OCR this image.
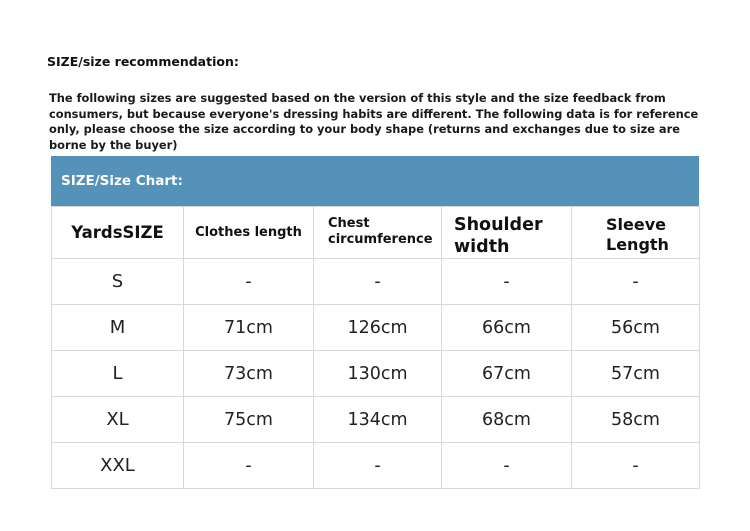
SIZE/size recommendation:
The following sizes are suggested based on the version of this style and the size feedback from consumers, but because everyone's dressing habits are different. The following data is for reference only, please choose the size according to your body shape (returns and exchanges due to size are borne by the buyer)
SIZE/Size Chart:
YardsSIZE	Clothes length	Chest circumference	Shoulder width	Sleeve Length
S	-	-	-	-
M	71cm	126cm	66cm	56cm
L	73cm	130cm	67cm	57cm
XL	75cm	134cm	68cm	58cm
XXL	-	-	-	-
